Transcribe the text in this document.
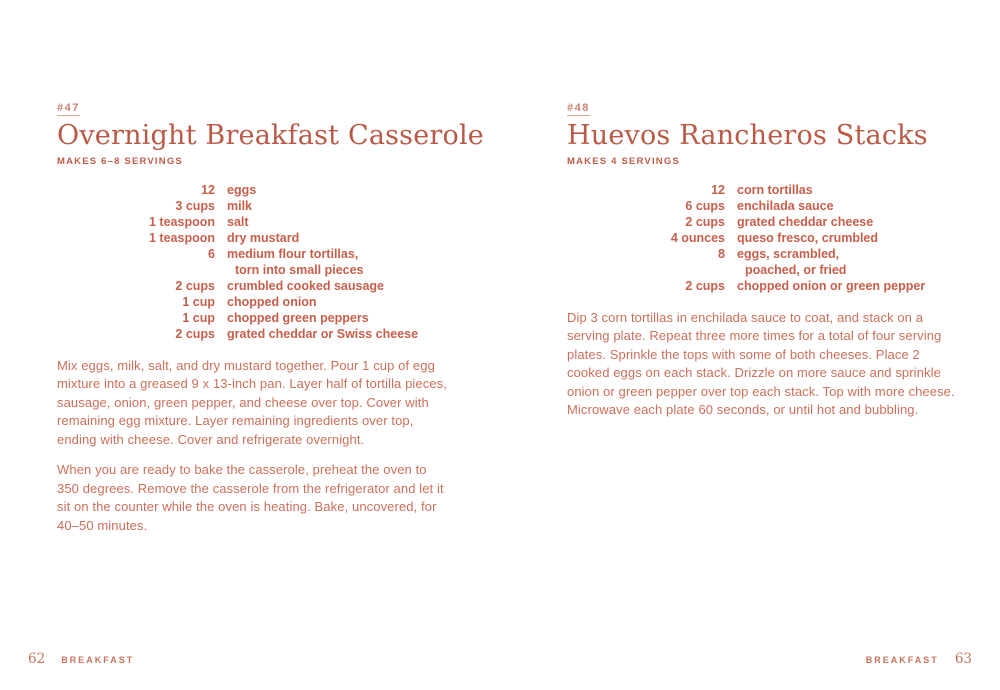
#47
Overnight Breakfast Casserole
MAKES 6–8 SERVINGS
12 eggs
3 cups milk
1 teaspoon salt
1 teaspoon dry mustard
6 medium flour tortillas,
torn into small pieces
2 cups crumbled cooked sausage
1 cup chopped onion
1 cup chopped green peppers
2 cups grated cheddar or Swiss cheese

Mix eggs, milk, salt, and dry mustard together. Pour 1 cup of egg mixture into a greased 9 x 13-inch pan. Layer half of tortilla pieces, sausage, onion, green pepper, and cheese over top. Cover with remaining egg mixture. Layer remaining ingredients over top, ending with cheese. Cover and refrigerate overnight.

When you are ready to bake the casserole, preheat the oven to 350 degrees. Remove the casserole from the refrigerator and let it sit on the counter while the oven is heating. Bake, uncovered, for 40–50 minutes.

#48
Huevos Rancheros Stacks
MAKES 4 SERVINGS
12 corn tortillas
6 cups enchilada sauce
2 cups grated cheddar cheese
4 ounces queso fresco, crumbled
8 eggs, scrambled,
poached, or fried
2 cups chopped onion or green pepper

Dip 3 corn tortillas in enchilada sauce to coat, and stack on a serving plate. Repeat three more times for a total of four serving plates. Sprinkle the tops with some of both cheeses. Place 2 cooked eggs on each stack. Drizzle on more sauce and sprinkle onion or green pepper over top each stack. Top with more cheese. Microwave each plate 60 seconds, or until hot and bubbling.

62 BREAKFAST	BREAKFAST 63
